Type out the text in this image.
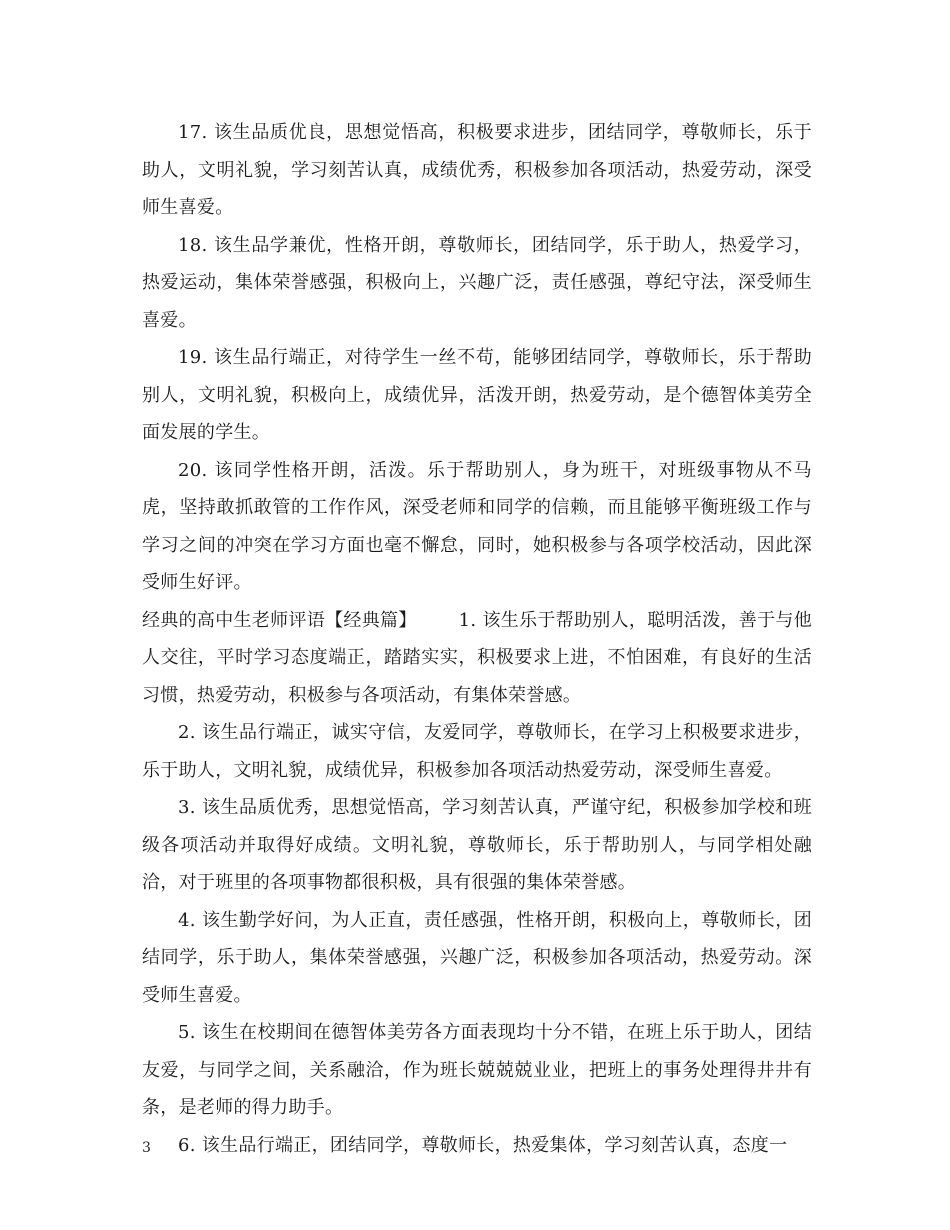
17. 该生品质优良，思想觉悟高，积极要求进步，团结同学，尊敬师长，乐于助人，文明礼貌，学习刻苦认真，成绩优秀，积极参加各项活动，热爱劳动，深受师生喜爱。

18. 该生品学兼优，性格开朗，尊敬师长，团结同学，乐于助人，热爱学习，热爱运动，集体荣誉感强，积极向上，兴趣广泛，责任感强，尊纪守法，深受师生喜爱。

19. 该生品行端正，对待学生一丝不苟，能够团结同学，尊敬师长，乐于帮助别人，文明礼貌，积极向上，成绩优异，活泼开朗，热爱劳动，是个德智体美劳全面发展的学生。

20. 该同学性格开朗，活泼。乐于帮助别人，身为班干，对班级事物从不马虎，坚持敢抓敢管的工作作风，深受老师和同学的信赖，而且能够平衡班级工作与学习之间的冲突在学习方面也毫不懈怠，同时，她积极参与各项学校活动，因此深受师生好评。

经典的高中生老师评语【经典篇】 1. 该生乐于帮助别人，聪明活泼，善于与他人交往，平时学习态度端正，踏踏实实，积极要求上进，不怕困难，有良好的生活习惯，热爱劳动，积极参与各项活动，有集体荣誉感。

2. 该生品行端正，诚实守信，友爱同学，尊敬师长，在学习上积极要求进步，乐于助人，文明礼貌，成绩优异，积极参加各项活动热爱劳动，深受师生喜爱。

3. 该生品质优秀，思想觉悟高，学习刻苦认真，严谨守纪，积极参加学校和班级各项活动并取得好成绩。文明礼貌，尊敬师长，乐于帮助别人，与同学相处融洽，对于班里的各项事物都很积极，具有很强的集体荣誉感。

4. 该生勤学好问，为人正直，责任感强，性格开朗，积极向上，尊敬师长，团结同学，乐于助人，集体荣誉感强，兴趣广泛，积极参加各项活动，热爱劳动。深受师生喜爱。

5. 该生在校期间在德智体美劳各方面表现均十分不错，在班上乐于助人，团结友爱，与同学之间，关系融洽，作为班长兢兢兢业业，把班上的事务处理得井井有条，是老师的得力助手。

6. 该生品行端正，团结同学，尊敬师长，热爱集体，学习刻苦认真，态度一

3
